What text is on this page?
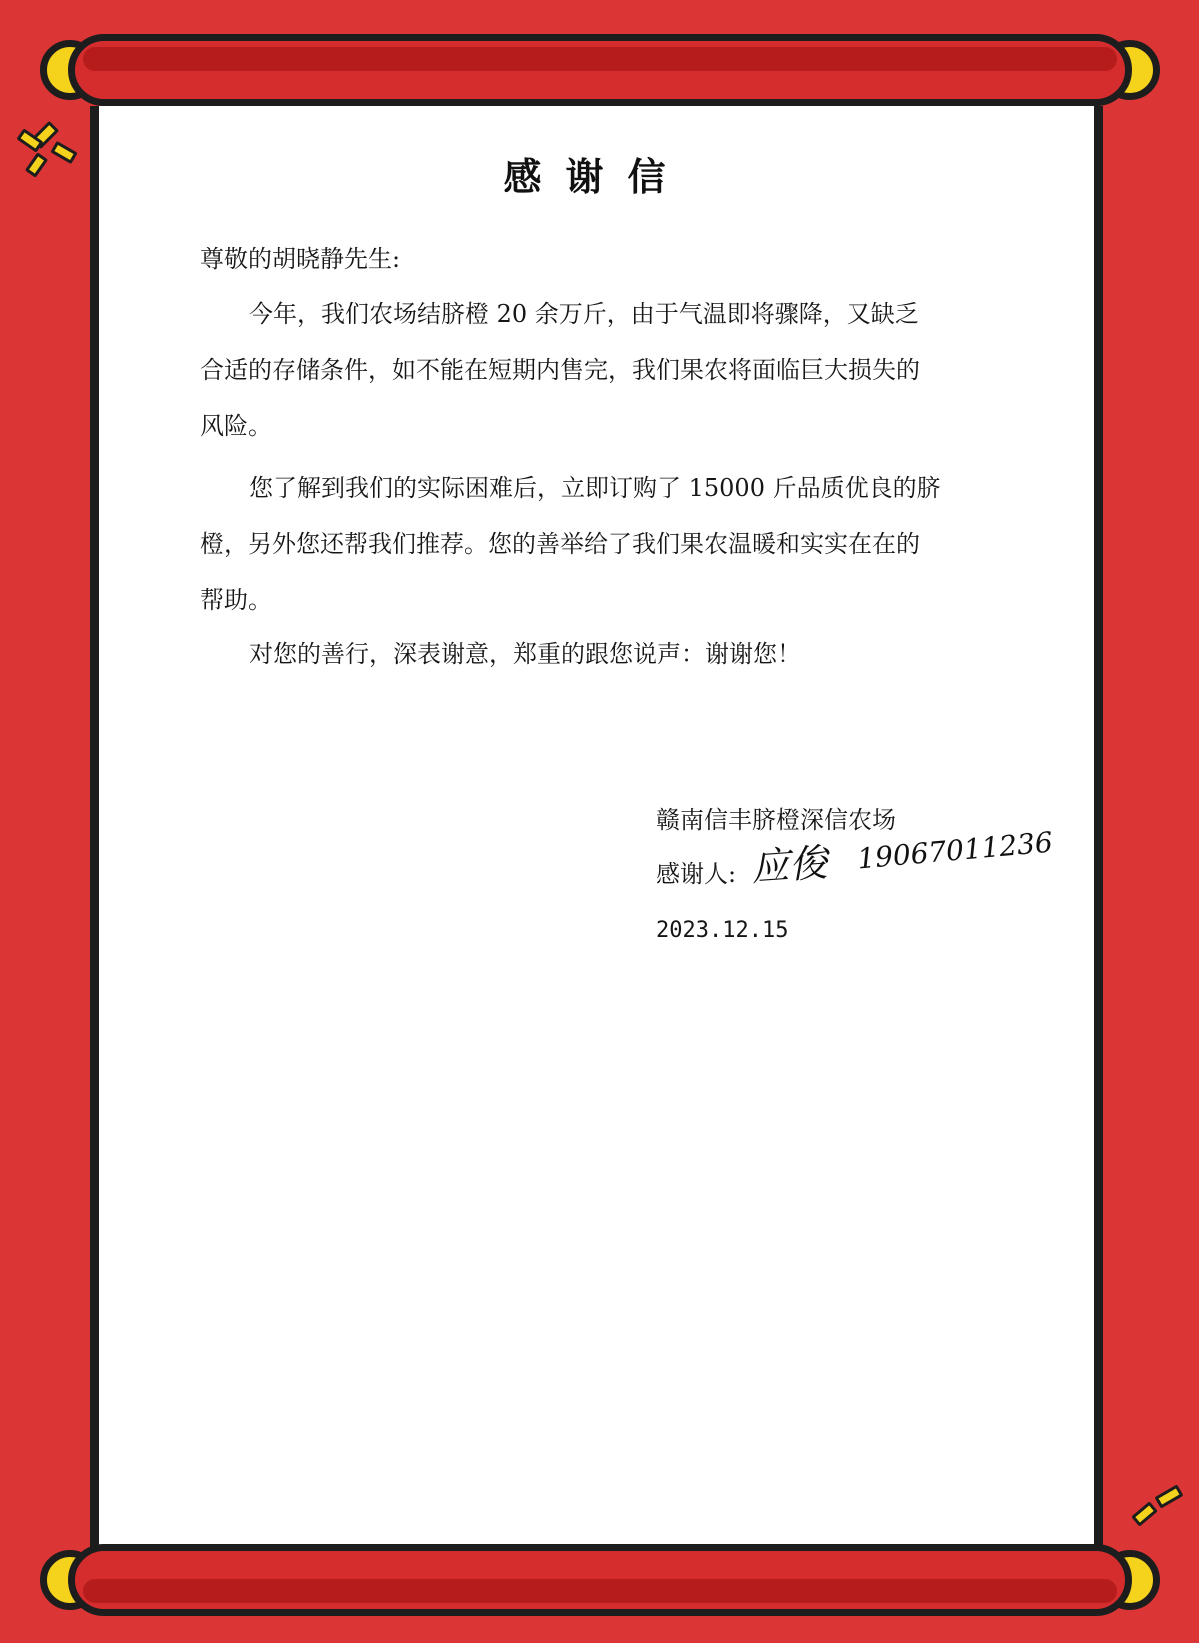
感谢信
尊敬的胡晓静先生:
今年，我们农场结脐橙 20 余万斤，由于气温即将骤降，又缺乏
合适的存储条件，如不能在短期内售完，我们果农将面临巨大损失的
风险。
您了解到我们的实际困难后，立即订购了 15000 斤品质优良的脐
橙，另外您还帮我们推荐。您的善举给了我们果农温暖和实实在在的
帮助。
对您的善行，深表谢意，郑重的跟您说声：谢谢您！
赣南信丰脐橙深信农场
感谢人: 应俊 19067011236
2023.12.15
